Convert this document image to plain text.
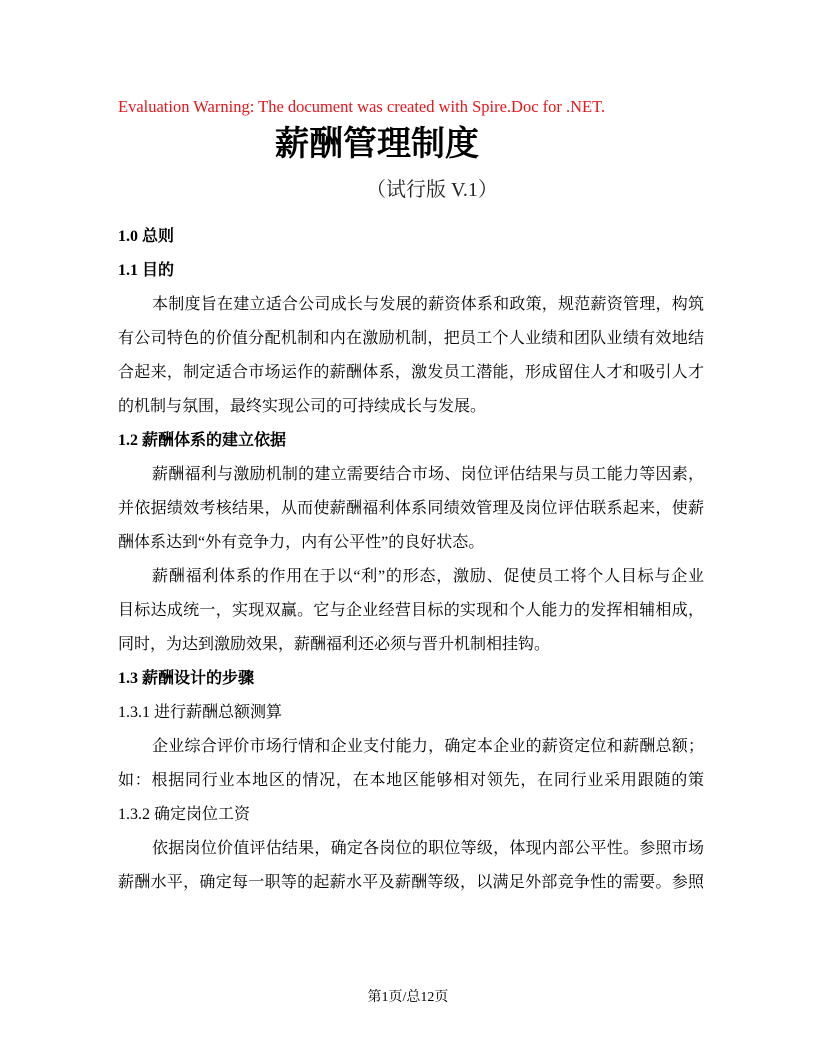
Evaluation Warning: The document was created with Spire.Doc for .NET.
薪酬管理制度
（试行版 V.1）
1.0 总则
1.1 目的
本制度旨在建立适合公司成长与发展的薪资体系和政策，规范薪资管理，构筑
有公司特色的价值分配机制和内在激励机制，把员工个人业绩和团队业绩有效地结
合起来，制定适合市场运作的薪酬体系，激发员工潜能，形成留住人才和吸引人才
的机制与氛围，最终实现公司的可持续成长与发展。
1.2 薪酬体系的建立依据
薪酬福利与激励机制的建立需要结合市场、岗位评估结果与员工能力等因素，
并依据绩效考核结果，从而使薪酬福利体系同绩效管理及岗位评估联系起来，使薪
酬体系达到“外有竞争力，内有公平性”的良好状态。
薪酬福利体系的作用在于以“利”的形态，激励、促使员工将个人目标与企业
目标达成统一，实现双赢。它与企业经营目标的实现和个人能力的发挥相辅相成，
同时，为达到激励效果，薪酬福利还必须与晋升机制相挂钩。
1.3 薪酬设计的步骤
1.3.1 进行薪酬总额测算
企业综合评价市场行情和企业支付能力，确定本企业的薪资定位和薪酬总额；
如：根据同行业本地区的情况，在本地区能够相对领先，在同行业采用跟随的策
1.3.2 确定岗位工资
依据岗位价值评估结果，确定各岗位的职位等级，体现内部公平性。参照市场
薪酬水平，确定每一职等的起薪水平及薪酬等级，以满足外部竞争性的需要。参照
第1页/总12页
